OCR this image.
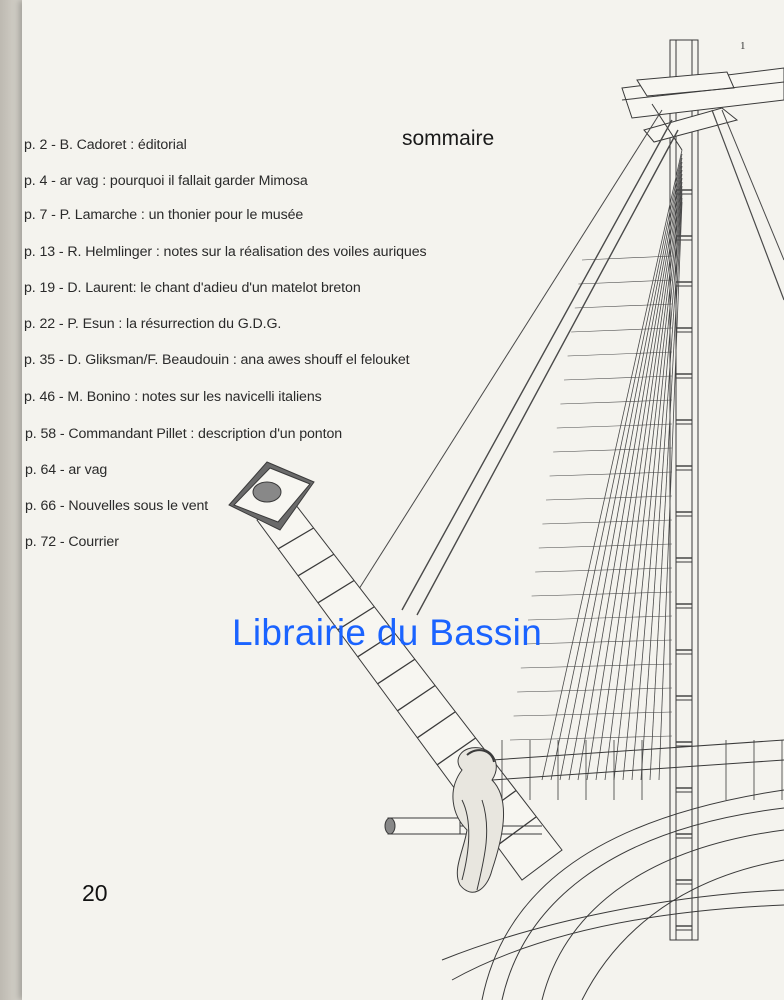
1
sommaire
p. 2 - B. Cadoret : éditorial
p. 4 - ar vag : pourquoi il fallait garder Mimosa
p. 7 - P. Lamarche : un thonier pour le musée
p. 13 - R. Helmlinger : notes sur la réalisation des voiles auriques
p. 19 - D. Laurent: le chant d'adieu d'un matelot breton
p. 22 - P. Esun : la résurrection du G.D.G.
p. 35 - D. Gliksman/F. Beaudouin : ana awes shouff el felouket
p. 46 - M. Bonino : notes sur les navicelli italiens
p. 58 - Commandant Pillet : description d'un ponton
p. 64 - ar vag
p. 66 - Nouvelles sous le vent
p. 72 - Courrier
20
Librairie du Bassin
